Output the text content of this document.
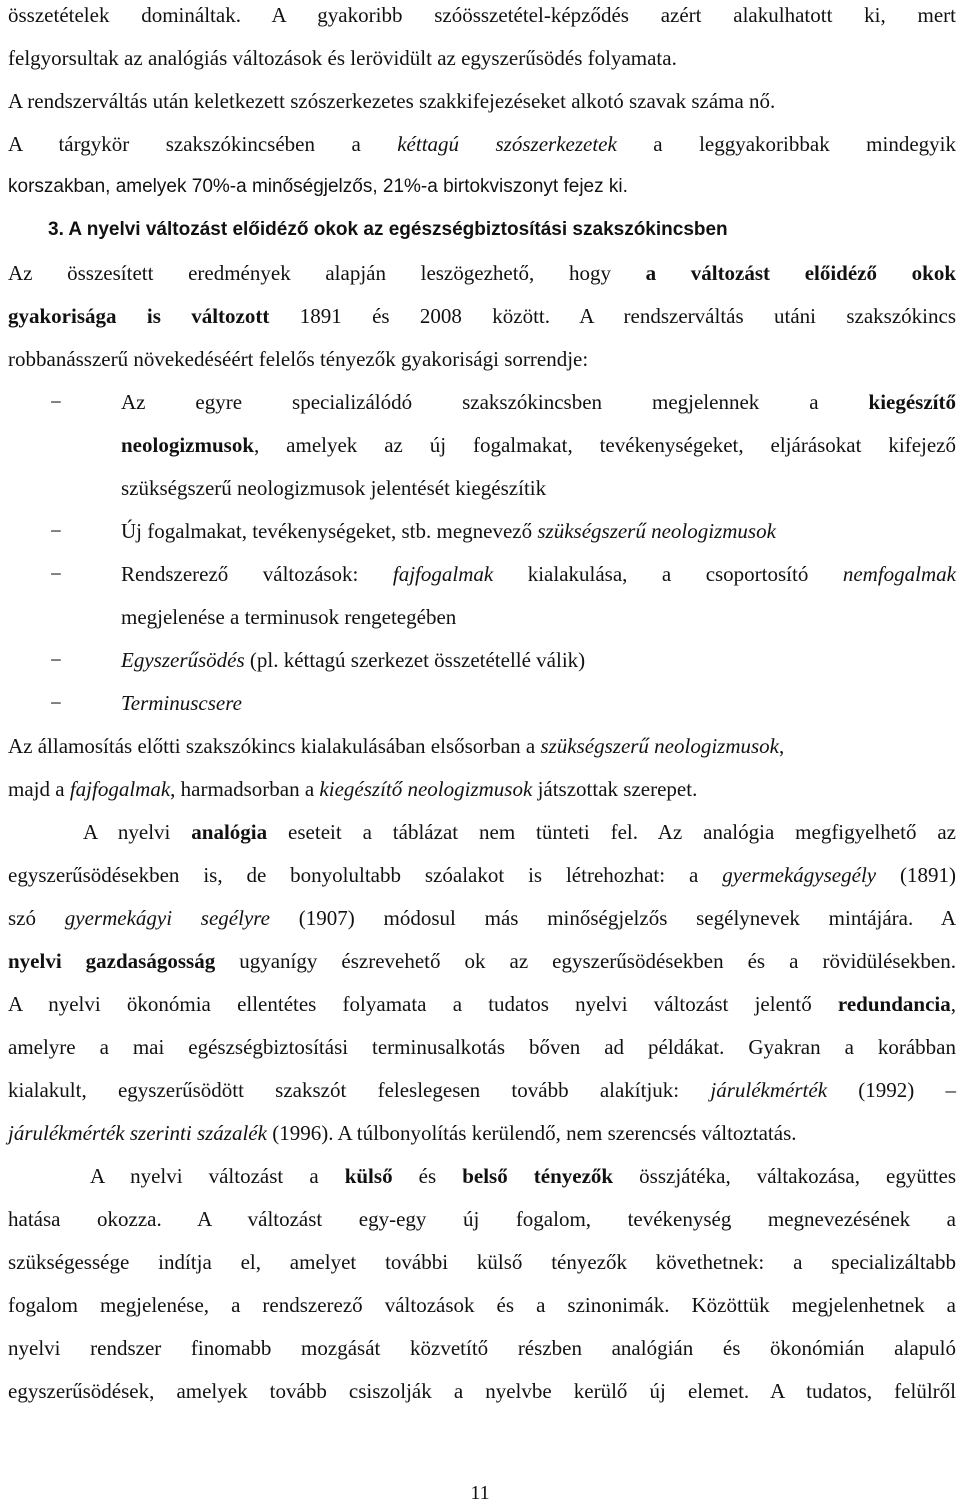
összetételek domináltak. A gyakoribb szóösszetétel-képződés azért alakulhatott ki, mert
felgyorsultak az analógiás változások és lerövidült az egyszerűsödés folyamata.
A rendszerváltás után keletkezett szószerkezetes szakkifejezéseket alkotó szavak száma nő.
A tárgykör szakszókincsében a kéttagú szószerkezetek a leggyakoribbak mindegyik
korszakban, amelyek 70%-a minőségjelzős, 21%-a birtokviszonyt fejez ki.
3. A nyelvi változást előidéző okok az egészségbiztosítási szakszókincsben
Az összesített eredmények alapján leszögezhető, hogy a változást előidéző okok
gyakorisága is változott 1891 és 2008 között. A rendszerváltás utáni szakszókincs
robbanásszerű növekedéséért felelős tényezők gyakorisági sorrendje:
−	Az egyre specializálódó szakszókincsben megjelennek a kiegészítő
neologizmusok, amelyek az új fogalmakat, tevékenységeket, eljárásokat kifejező
szükségszerű neologizmusok jelentését kiegészítik
−	Új fogalmakat, tevékenységeket, stb. megnevező szükségszerű neologizmusok
−	Rendszerező változások: fajfogalmak kialakulása, a csoportosító nemfogalmak
megjelenése a terminusok rengetegében
−	Egyszerűsödés (pl. kéttagú szerkezet összetétellé válik)
−	Terminuscsere
Az államosítás előtti szakszókincs kialakulásában elsősorban a szükségszerű neologizmusok,
majd a fajfogalmak, harmadsorban a kiegészítő neologizmusok játszottak szerepet.
A nyelvi analógia eseteit a táblázat nem tünteti fel. Az analógia megfigyelhető az
egyszerűsödésekben is, de bonyolultabb szóalakot is létrehozhat: a gyermekágysegély (1891)
szó gyermekágyi segélyre (1907) módosul más minőségjelzős segélynevek mintájára. A
nyelvi gazdaságosság ugyanígy észrevehető ok az egyszerűsödésekben és a rövidülésekben.
A nyelvi ökonómia ellentétes folyamata a tudatos nyelvi változást jelentő redundancia,
amelyre a mai egészségbiztosítási terminusalkotás bőven ad példákat. Gyakran a korábban
kialakult, egyszerűsödött szakszót feleslegesen tovább alakítjuk: járulékmérték (1992) –
járulékmérték szerinti százalék (1996). A túlbonyolítás kerülendő, nem szerencsés változtatás.
A nyelvi változást a külső és belső tényezők összjátéka, váltakozása, együttes
hatása okozza. A változást egy-egy új fogalom, tevékenység megnevezésének a
szükségessége indítja el, amelyet további külső tényezők követhetnek: a specializáltabb
fogalom megjelenése, a rendszerező változások és a szinonimák. Közöttük megjelenhetnek a
nyelvi rendszer finomabb mozgását közvetítő részben analógián és ökonómián alapuló
egyszerűsödések, amelyek tovább csiszolják a nyelvbe kerülő új elemet. A tudatos, felülről
11
